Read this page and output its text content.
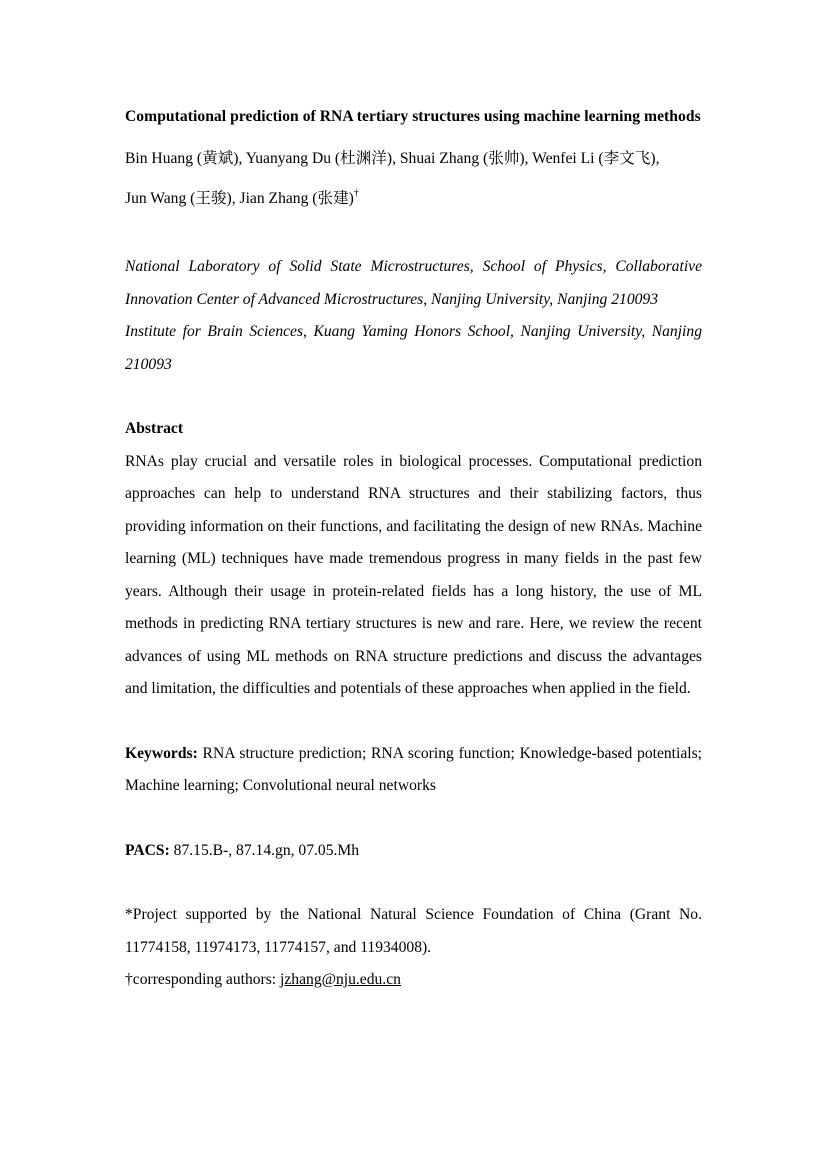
Computational prediction of RNA tertiary structures using machine learning methods

Bin Huang (黄斌), Yuanyang Du (杜渊洋), Shuai Zhang (张帅), Wenfei Li (李文飞),
Jun Wang (王骏), Jian Zhang (张建)†

National Laboratory of Solid State Microstructures, School of Physics, Collaborative Innovation Center of Advanced Microstructures, Nanjing University, Nanjing 210093
Institute for Brain Sciences, Kuang Yaming Honors School, Nanjing University, Nanjing 210093

Abstract

RNAs play crucial and versatile roles in biological processes. Computational prediction approaches can help to understand RNA structures and their stabilizing factors, thus providing information on their functions, and facilitating the design of new RNAs. Machine learning (ML) techniques have made tremendous progress in many fields in the past few years. Although their usage in protein-related fields has a long history, the use of ML methods in predicting RNA tertiary structures is new and rare. Here, we review the recent advances of using ML methods on RNA structure predictions and discuss the advantages and limitation, the difficulties and potentials of these approaches when applied in the field.

Keywords: RNA structure prediction; RNA scoring function; Knowledge-based potentials; Machine learning; Convolutional neural networks

PACS: 87.15.B-, 87.14.gn, 07.05.Mh

*Project supported by the National Natural Science Foundation of China (Grant No. 11774158, 11974173, 11774157, and 11934008).

†corresponding authors: jzhang@nju.edu.cn
